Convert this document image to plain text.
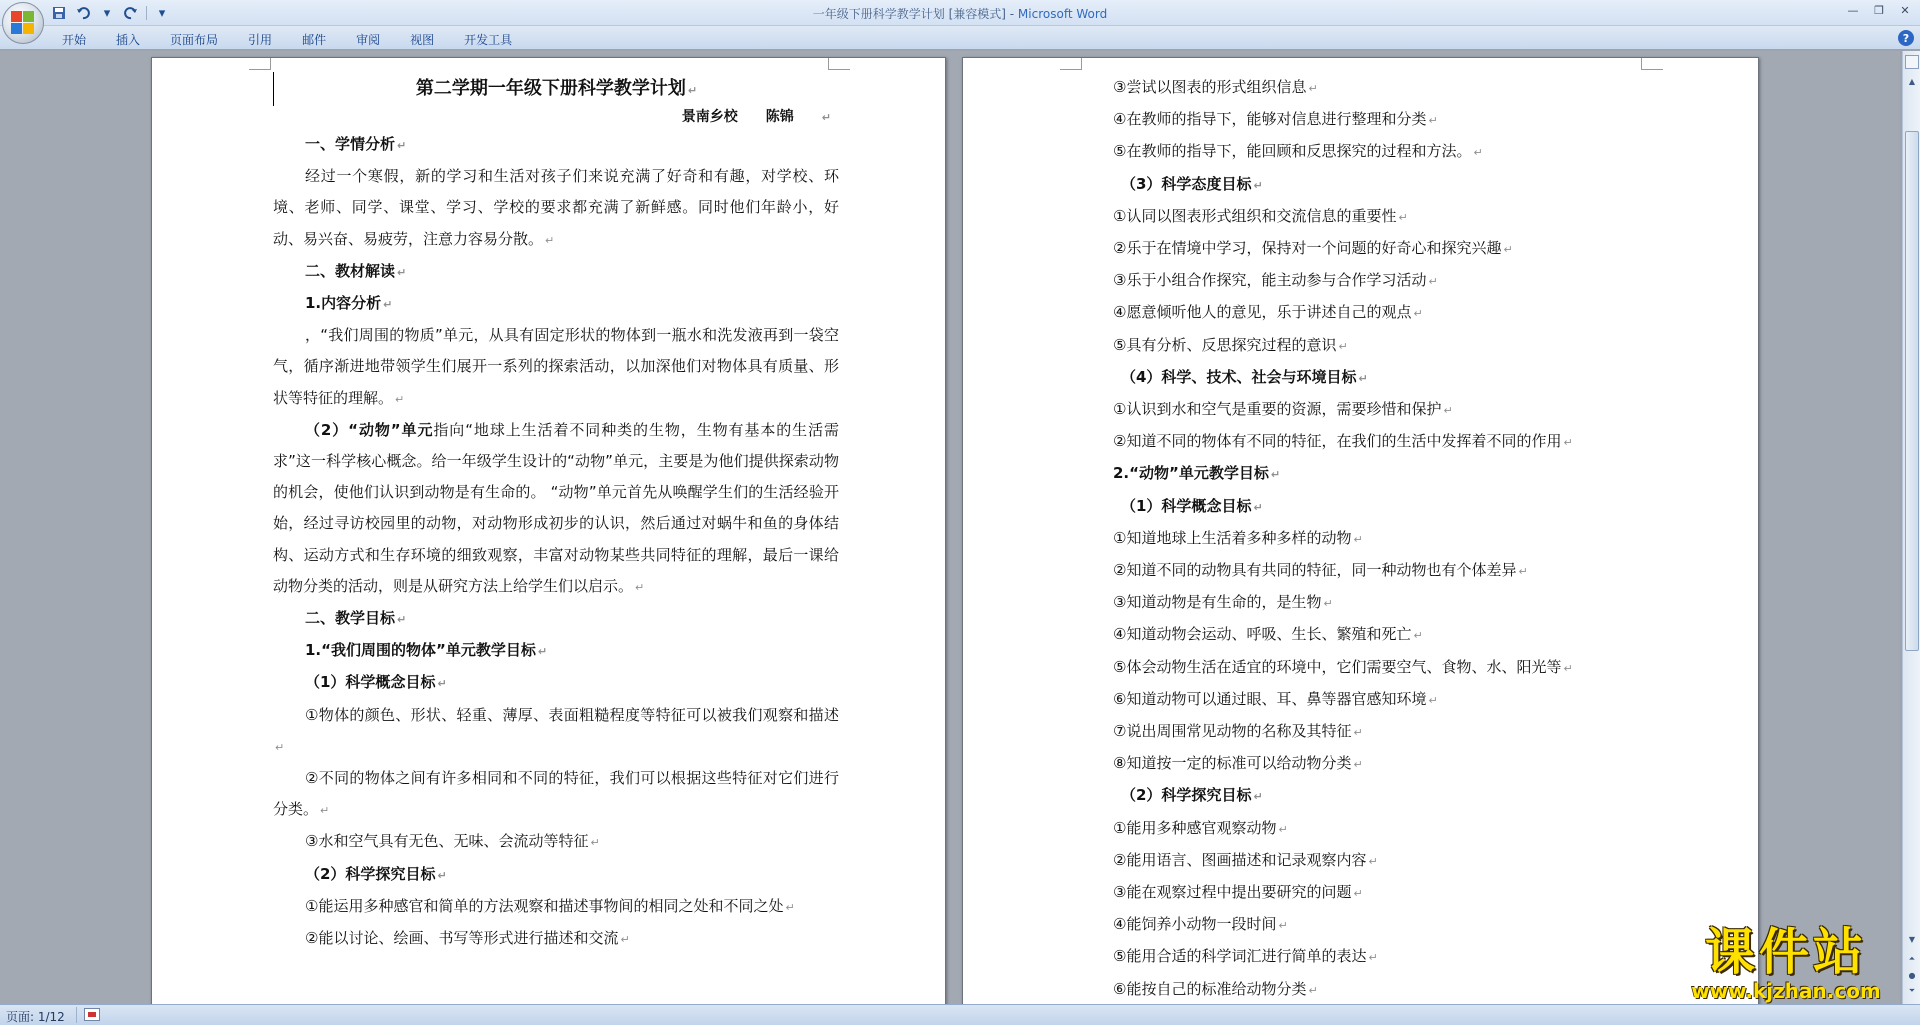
▾	▾	一年级下册科学教学计划 [兼容模式] - Microsoft Word	—	❐	✕
开始	插入	页面布局	引用	邮件	审阅	视图	开发工具	?
第二学期一年级下册科学教学计划 ↵
景南乡校 陈锦	↵
一、学情分析 ↵
经过一个寒假，新的学习和生活对孩子们来说充满了好奇和有趣，对学校、环境、老师、同学、课堂、学习、学校的要求都充满了新鲜感。同时他们年龄小，好动、易兴奋、易疲劳，注意力容易分散。 ↵
二、教材解读 ↵
1.内容分析 ↵
，“我们周围的物质”单元，从具有固定形状的物体到一瓶水和洗发液再到一袋空气，循序渐进地带领学生们展开一系列的探索活动，以加深他们对物体具有质量、形状等特征的理解。 ↵
（2）“动物”单元指向“地球上生活着不同种类的生物，生物有基本的生活需求”这一科学核心概念。给一年级学生设计的“动物”单元，主要是为他们提供探索动物的机会，使他们认识到动物是有生命的。 “动物”单元首先从唤醒学生们的生活经验开始，经过寻访校园里的动物，对动物形成初步的认识，然后通过对蜗牛和鱼的身体结构、运动方式和生存环境的细致观察，丰富对动物某些共同特征的理解，最后一课给动物分类的活动，则是从研究方法上给学生们以启示。 ↵
二、教学目标 ↵
1.“我们周围的物体”单元教学目标 ↵
（1）科学概念目标 ↵
①物体的颜色、形状、轻重、薄厚、表面粗糙程度等特征可以被我们观察和描述↵
②不同的物体之间有许多相同和不同的特征，我们可以根据这些特征对它们进行分类。 ↵
③水和空气具有无色、无味、会流动等特征 ↵
（2）科学探究目标 ↵
①能运用多种感官和简单的方法观察和描述事物间的相同之处和不同之处 ↵
②能以讨论、绘画、书写等形式进行描述和交流 ↵
③尝试以图表的形式组织信息 ↵
④在教师的指导下，能够对信息进行整理和分类 ↵
⑤在教师的指导下，能回顾和反思探究的过程和方法。 ↵
（3）科学态度目标 ↵
①认同以图表形式组织和交流信息的重要性 ↵
②乐于在情境中学习，保持对一个问题的好奇心和探究兴趣 ↵
③乐于小组合作探究，能主动参与合作学习活动 ↵
④愿意倾听他人的意见，乐于讲述自己的观点 ↵
⑤具有分析、反思探究过程的意识 ↵
（4）科学、技术、社会与环境目标 ↵
①认识到水和空气是重要的资源，需要珍惜和保护 ↵
②知道不同的物体有不同的特征，在我们的生活中发挥着不同的作用 ↵
2.“动物”单元教学目标 ↵
（1）科学概念目标 ↵
①知道地球上生活着多种多样的动物 ↵
②知道不同的动物具有共同的特征，同一种动物也有个体差异 ↵
③知道动物是有生命的，是生物 ↵
④知道动物会运动、呼吸、生长、繁殖和死亡 ↵
⑤体会动物生活在适宜的环境中，它们需要空气、食物、水、阳光等 ↵
⑥知道动物可以通过眼、耳、鼻等器官感知环境 ↵
⑦说出周围常见动物的名称及其特征 ↵
⑧知道按一定的标准可以给动物分类 ↵
（2）科学探究目标 ↵
①能用多种感官观察动物 ↵
②能用语言、图画描述和记录观察内容 ↵
③能在观察过程中提出要研究的问题 ↵
④能饲养小动物一段时间 ↵
⑤能用合适的科学词汇进行简单的表达 ↵
⑥能按自己的标准给动物分类 ↵
▲
▼
⏶
●
⏷
课件站
www.kjzhan.com
页面: 1/12
